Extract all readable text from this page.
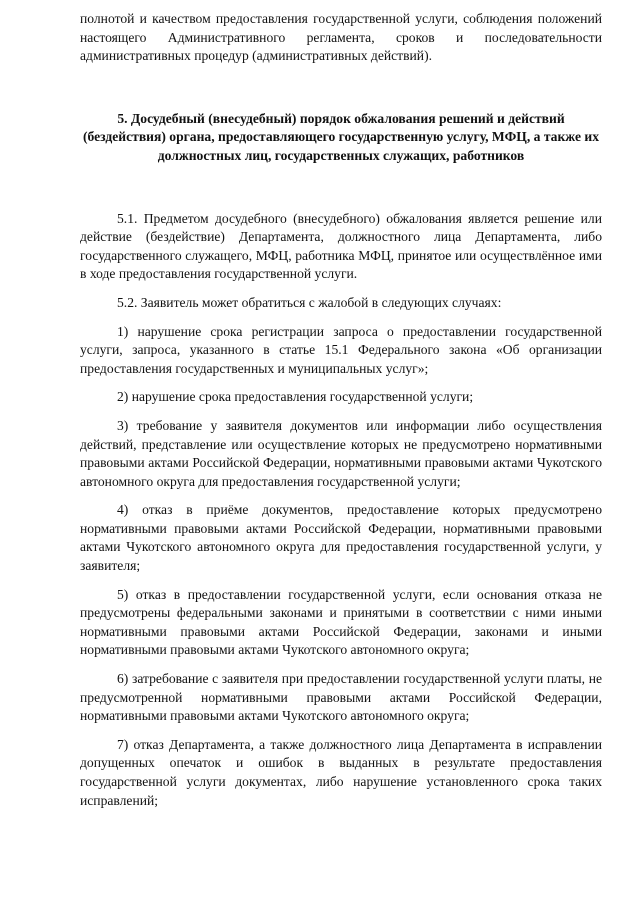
полнотой и качеством предоставления государственной услуги, соблюдения положений настоящего Административного регламента, сроков и последовательности административных процедур (административных действий).

5. Досудебный (внесудебный) порядок обжалования решений и действий (бездействия) органа, предоставляющего государственную услугу, МФЦ, а также их должностных лиц, государственных служащих, работников

5.1. Предметом досудебного (внесудебного) обжалования является решение или действие (бездействие) Департамента, должностного лица Департамента, либо государственного служащего, МФЦ, работника МФЦ, принятое или осуществлённое ими в ходе предоставления государственной услуги.

5.2. Заявитель может обратиться с жалобой в следующих случаях:

1) нарушение срока регистрации запроса о предоставлении государственной услуги, запроса, указанного в статье 15.1 Федерального закона «Об организации предоставления государственных и муниципальных услуг»;

2) нарушение срока предоставления государственной услуги;

3) требование у заявителя документов или информации либо осуществления действий, представление или осуществление которых не предусмотрено нормативными правовыми актами Российской Федерации, нормативными правовыми актами Чукотского автономного округа для предоставления государственной услуги;

4) отказ в приёме документов, предоставление которых предусмотрено нормативными правовыми актами Российской Федерации, нормативными правовыми актами Чукотского автономного округа для предоставления государственной услуги, у заявителя;

5) отказ в предоставлении государственной услуги, если основания отказа не предусмотрены федеральными законами и принятыми в соответствии с ними иными нормативными правовыми актами Российской Федерации, законами и иными нормативными правовыми актами Чукотского автономного округа;

6) затребование с заявителя при предоставлении государственной услуги платы, не предусмотренной нормативными правовыми актами Российской Федерации, нормативными правовыми актами Чукотского автономного округа;

7) отказ Департамента, а также должностного лица Департамента в исправлении допущенных опечаток и ошибок в выданных в результате предоставления государственной услуги документах, либо нарушение установленного срока таких исправлений;
